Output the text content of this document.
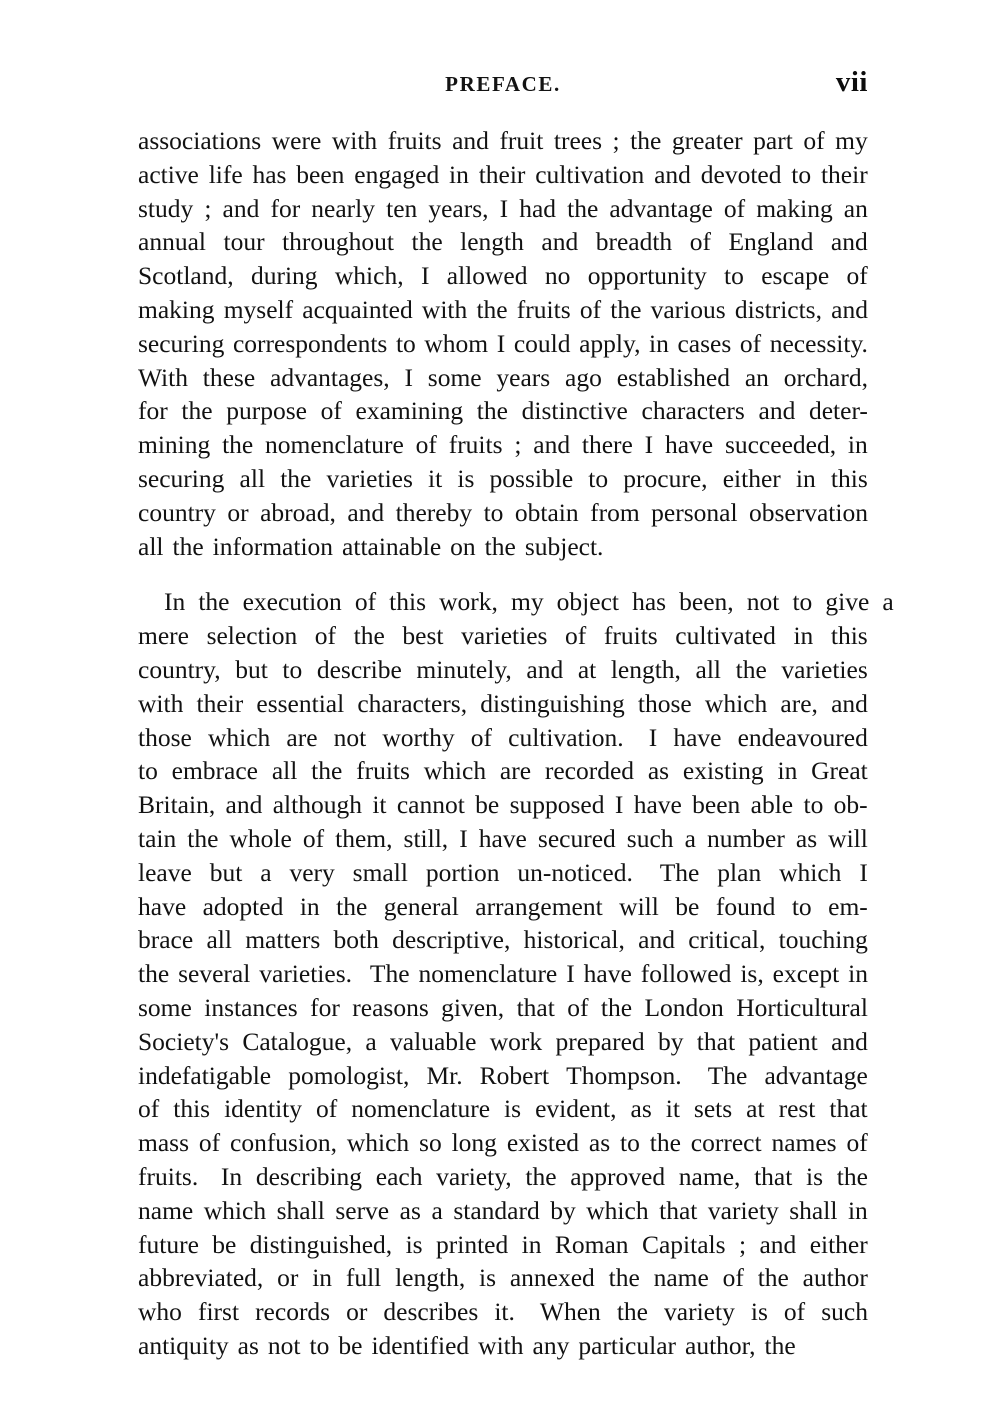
PREFACE.	vii

associations were with fruits and fruit trees ; the greater part of my
active life has been engaged in their cultivation and devoted to their
study ; and for nearly ten years, I had the advantage of making an
annual tour throughout the length and breadth of England and
Scotland, during which, I allowed no opportunity to escape of
making myself acquainted with the fruits of the various districts, and
securing correspondents to whom I could apply, in cases of necessity.
With these advantages, I some years ago established an orchard,
for the purpose of examining the distinctive characters and deter-
mining the nomenclature of fruits ; and there I have succeeded, in
securing all the varieties it is possible to procure, either in this
country or abroad, and thereby to obtain from personal observation
all the information attainable on the subject.

In the execution of this work, my object has been, not to give a
mere selection of the best varieties of fruits cultivated in this
country, but to describe minutely, and at length, all the varieties
with their essential characters, distinguishing those which are, and
those which are not worthy of cultivation. I have endeavoured
to embrace all the fruits which are recorded as existing in Great
Britain, and although it cannot be supposed I have been able to ob-
tain the whole of them, still, I have secured such a number as will
leave but a very small portion un-noticed. The plan which I
have adopted in the general arrangement will be found to em-
brace all matters both descriptive, historical, and critical, touching
the several varieties. The nomenclature I have followed is, except in
some instances for reasons given, that of the London Horticultural
Society's Catalogue, a valuable work prepared by that patient and
indefatigable pomologist, Mr. Robert Thompson. The advantage
of this identity of nomenclature is evident, as it sets at rest that
mass of confusion, which so long existed as to the correct names of
fruits. In describing each variety, the approved name, that is the
name which shall serve as a standard by which that variety shall in
future be distinguished, is printed in Roman Capitals ; and either
abbreviated, or in full length, is annexed the name of the author
who first records or describes it. When the variety is of such
antiquity as not to be identified with any particular author, the
